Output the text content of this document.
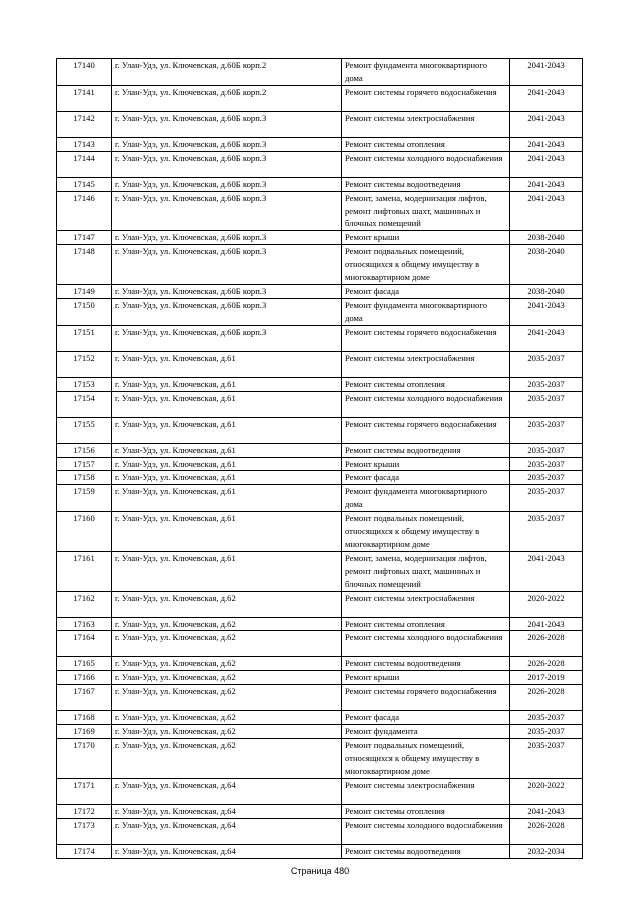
17140	г. Улан-Удэ, ул. Ключевская, д.60Б корп.2	Ремонт фундамента многоквартирного дома	2041-2043
17141	г. Улан-Удэ, ул. Ключевская, д.60Б корп.2	Ремонт системы горячего водоснабжения	2041-2043
17142	г. Улан-Удэ, ул. Ключевская, д.60Б корп.3	Ремонт системы электроснабжения	2041-2043
17143	г. Улан-Удэ, ул. Ключевская, д.60Б корп.3	Ремонт системы отопления	2041-2043
17144	г. Улан-Удэ, ул. Ключевская, д.60Б корп.3	Ремонт системы холодного водоснабжения	2041-2043
17145	г. Улан-Удэ, ул. Ключевская, д.60Б корп.3	Ремонт системы водоотведения	2041-2043
17146	г. Улан-Удэ, ул. Ключевская, д.60Б корп.3	Ремонт, замена, модернизация лифтов, ремонт лифтовых шахт, машинных и блочных помещений	2041-2043
17147	г. Улан-Удэ, ул. Ключевская, д.60Б корп.3	Ремонт крыши	2038-2040
17148	г. Улан-Удэ, ул. Ключевская, д.60Б корп.3	Ремонт подвальных помещений, относящихся к общему имуществу в многоквартирном доме	2038-2040
17149	г. Улан-Удэ, ул. Ключевская, д.60Б корп.3	Ремонт фасада	2038-2040
17150	г. Улан-Удэ, ул. Ключевская, д.60Б корп.3	Ремонт фундамента многоквартирного дома	2041-2043
17151	г. Улан-Удэ, ул. Ключевская, д.60Б корп.3	Ремонт системы горячего водоснабжения	2041-2043
17152	г. Улан-Удэ, ул. Ключевская, д.61	Ремонт системы электроснабжения	2035-2037
17153	г. Улан-Удэ, ул. Ключевская, д.61	Ремонт системы отопления	2035-2037
17154	г. Улан-Удэ, ул. Ключевская, д.61	Ремонт системы холодного водоснабжения	2035-2037
17155	г. Улан-Удэ, ул. Ключевская, д.61	Ремонт системы горячего водоснабжения	2035-2037
17156	г. Улан-Удэ, ул. Ключевская, д.61	Ремонт системы водоотведения	2035-2037
17157	г. Улан-Удэ, ул. Ключевская, д.61	Ремонт крыши	2035-2037
17158	г. Улан-Удэ, ул. Ключевская, д.61	Ремонт фасада	2035-2037
17159	г. Улан-Удэ, ул. Ключевская, д.61	Ремонт фундамента многоквартирного дома	2035-2037
17160	г. Улан-Удэ, ул. Ключевская, д.61	Ремонт подвальных помещений, относящихся к общему имуществу в многоквартирном доме	2035-2037
17161	г. Улан-Удэ, ул. Ключевская, д.61	Ремонт, замена, модернизация лифтов, ремонт лифтовых шахт, машинных и блочных помещений	2041-2043
17162	г. Улан-Удэ, ул. Ключевская, д.62	Ремонт системы электроснабжения	2020-2022
17163	г. Улан-Удэ, ул. Ключевская, д.62	Ремонт системы отопления	2041-2043
17164	г. Улан-Удэ, ул. Ключевская, д.62	Ремонт системы холодного водоснабжения	2026-2028
17165	г. Улан-Удэ, ул. Ключевская, д.62	Ремонт системы водоотведения	2026-2028
17166	г. Улан-Удэ, ул. Ключевская, д.62	Ремонт крыши	2017-2019
17167	г. Улан-Удэ, ул. Ключевская, д.62	Ремонт системы горячего водоснабжения	2026-2028
17168	г. Улан-Удэ, ул. Ключевская, д.62	Ремонт фасада	2035-2037
17169	г. Улан-Удэ, ул. Ключевская, д.62	Ремонт фундамента	2035-2037
17170	г. Улан-Удэ, ул. Ключевская, д.62	Ремонт подвальных помещений, относящихся к общему имуществу в многоквартирном доме	2035-2037
17171	г. Улан-Удэ, ул. Ключевская, д.64	Ремонт системы электроснабжения	2020-2022
17172	г. Улан-Удэ, ул. Ключевская, д.64	Ремонт системы отопления	2041-2043
17173	г. Улан-Удэ, ул. Ключевская, д.64	Ремонт системы холодного водоснабжения	2026-2028
17174	г. Улан-Удэ, ул. Ключевская, д.64	Ремонт системы водоотведения	2032-2034
Страница 480
